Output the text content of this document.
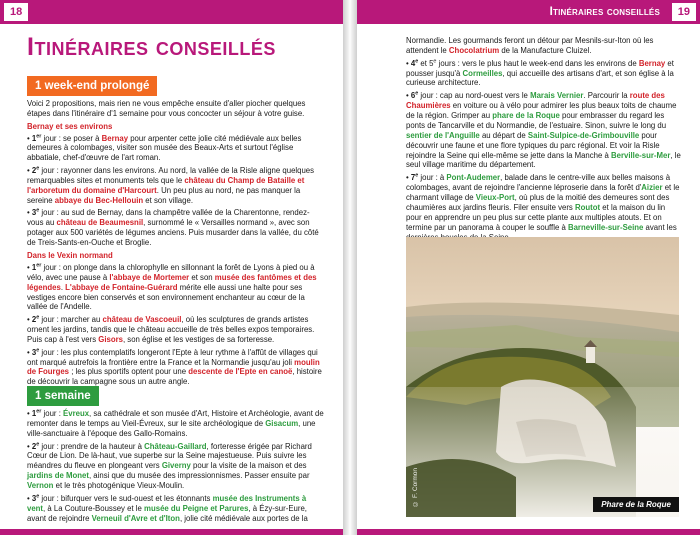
18
Itinéraires conseillés
1 week-end prolongé

Voici 2 propositions, mais rien ne vous empêche ensuite d'aller piocher quelques étapes dans l'itinéraire d'1 semaine pour vous concocter un séjour à votre guise.

Bernay et ses environs

• 1er jour : se poser à Bernay pour arpenter cette jolie cité médiévale aux belles demeures à colombages, visiter son musée des Beaux-Arts et surtout l'église abbatiale, chef-d'œuvre de l'art roman.

• 2e jour : rayonner dans les environs. Au nord, la vallée de la Risle aligne quelques remarquables sites et monuments tels que le château du Champ de Bataille et l'arboretum du domaine d'Harcourt. Un peu plus au nord, ne pas manquer la sereine abbaye du Bec-Hellouin et son village.

• 3e jour : au sud de Bernay, dans la champêtre vallée de la Charentonne, rendez-vous au château de Beaumesnil, surnommé le « Versailles normand », avec son potager aux 500 variétés de légumes anciens. Puis musarder dans la vallée, du côté de Treis-Sants-en-Ouche et Broglie.

Dans le Vexin normand

• 1er jour : on plonge dans la chlorophylle en sillonnant la forêt de Lyons à pied ou à vélo, avec une pause à l'abbaye de Mortemer et son musée des fantômes et des légendes. L'abbaye de Fontaine-Guérard mérite elle aussi une halte pour ses vestiges encore bien conservés et son environnement enchanteur au cœur de la vallée de l'Andelle.

• 2e jour : marcher au château de Vascoeuil, où les sculptures de grands artistes ornent les jardins, tandis que le château accueille de très belles expos temporaires. Puis cap à l'est vers Gisors, son église et les vestiges de sa forteresse.

• 3e jour : les plus contemplatifs longeront l'Epte à leur rythme à l'affût de villages qui ont marqué autrefois la frontière entre la France et la Normandie jusqu'au joli moulin de Fourges ; les plus sportifs optent pour une descente de l'Epte en canoë, histoire de découvrir la campagne sous un autre angle.

1 semaine

• 1er jour : Évreux, sa cathédrale et son musée d'Art, Histoire et Archéologie, avant de remonter dans le temps au Vieil-Évreux, sur le site archéologique de Gisacum, une ville-sanctuaire à l'époque des Gallo-Romains.

• 2e jour : prendre de la hauteur à Château-Gaillard, forteresse érigée par Richard Cœur de Lion. De là-haut, vue superbe sur la Seine majestueuse. Puis suivre les méandres du fleuve en plongeant vers Giverny pour la visite de la maison et des jardins de Monet, ainsi que du musée des impressionnismes. Passer ensuite par Vernon et le très photogénique Vieux-Moulin.

• 3e jour : bifurquer vers le sud-ouest et les étonnants musée des Instruments à vent, à La Couture-Boussey et le musée du Peigne et Parures, à Ézy-sur-Eure, avant de rejoindre Verneuil d'Avre et d'Iton, jolie cité médiévale aux portes de la

Itinéraires conseillés	19

Normandie. Les gourmands feront un détour par Mesnils-sur-Iton où les attendent le Chocolatrium de la Manufacture Cluizel.

• 4e et 5e jours : vers le plus haut le week-end dans les environs de Bernay et pousser jusqu'à Cormeilles, qui accueille des artisans d'art, et son église à la curieuse architecture.

• 6e jour : cap au nord-ouest vers le Marais Vernier. Parcourir la route des Chaumières en voiture ou à vélo pour admirer les plus beaux toits de chaume de la région. Grimper au phare de la Roque pour embrasser du regard les ponts de Tancarville et du Normandie, de l'estuaire. Sinon, suivre le long du sentier de l'Anguille au départ de Saint-Sulpice-de-Grimbouville pour découvrir une faune et une flore typiques du parc régional. Et voir la Risle rejoindre la Seine qui elle-même se jette dans la Manche à Berville-sur-Mer, le seul village maritime du département.

• 7e jour : à Pont-Audemer, balade dans le centre-ville aux belles maisons à colombages, avant de rejoindre l'ancienne léproserie dans la forêt d'Aizier et le charmant village de Vieux-Port, où plus de la moitié des demeures sont des chaumières aux jardins fleuris. Filer ensuite vers Routot et la maison du lin pour en apprendre un peu plus sur cette plante aux multiples atouts. Et on termine par un panorama à couper le souffle à Barneville-sur-Seine avant les

© F. Cormon	Phare de la Roque
